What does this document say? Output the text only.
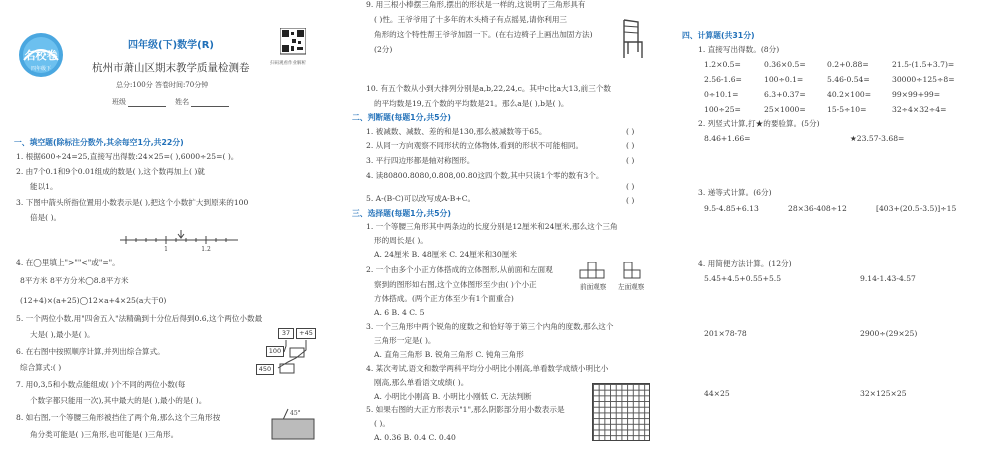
名校卷
四年级下
四年级(下)数学(R)
杭州市萧山区期末教学质量检测卷
总分:100分 答卷时间:70分钟
班级	姓名
扫码观看作业解析
一、填空题(除标注分数外,其余每空1分,共22分)
1. 根据600÷24=25,直接写出得数:24×25=( ),6000÷25=( )。
2. 由7个0.1和9个0.01组成的数是( ),这个数再加上( )就
能以1。
3. 下图中箭头所指位置用小数表示是( ),把这个小数扩大到原来的100
倍是( )。
1	1.2
4. 在◯里填上">""<"或"="。
8平方米 8平方分米◯8.8平方米
(12+4)×(a+25)◯12×a+4×25(a大于0)
5. 一个两位小数,用"四舍五入"法精确到十分位后得到0.6,这个两位小数最
大是( ),最小是( )。
6. 在右图中按照顺序计算,并列出综合算式。
综合算式:( )
37	+45
100
450
7. 用0,3,5和小数点能组成( )个不同的两位小数(每
个数字都只能用一次),其中最大的是( ),最小的是( )。
8. 如右图,一个等腰三角形被挡住了两个角,那么这个三角形按
角分类可能是( )三角形,也可能是( )三角形。
45°
9. 用三根小棒摆三角形,摆出的形状是一样的,这说明了三角形具有
( )性。王爷爷用了十多年的木头椅子有点摇晃,请你利用三
角形的这个特性帮王爷爷加固一下。(在右边椅子上画出加固方法)
(2分)
10. 有五个数从小到大排列分别是a,b,22,24,c。其中c比a大13,前三个数
的平均数是19,五个数的平均数是21。那么a是( ),b是( )。
二、判断题(每题1分,共5分)
1. 被减数、减数、差的和是130,那么被减数等于65。	( )
2. 从同一方向观察不同形状的立体物体,看到的形状不可能相同。	( )
3. 平行四边形都是轴对称图形。	( )
4. 读80800.8080,0.808,00.80这四个数,其中只读1个零的数有3个。
( )
5. A-(B-C)可以改写成A-B+C。	( )
三、选择题(每题1分,共5分)
1. 一个等腰三角形其中两条边的长度分别是12厘米和24厘米,那么这个三角
形的周长是( )。
A. 24厘米 B. 48厘米 C. 24厘米和30厘米
2. 一个由多个小正方体搭成的立体图形,从前面和左面观
察到的图形如右图,这个立体图形至少由( )个小正
方体搭成。(两个正方体至少有1个面重合)
A. 6 B. 4 C. 5
前面观察 左面观察
3. 一个三角形中两个锐角的度数之和恰好等于第三个内角的度数,那么这个
三角形一定是( )。
A. 直角三角形 B. 锐角三角形 C. 钝角三角形
4. 某次考试,语文和数学两科平均分小明比小刚高,单看数学成绩小明比小
刚高,那么单看语文成绩( )。
A. 小明比小刚高 B. 小明比小刚低 C. 无法判断
5. 如果右图的大正方形表示"1",那么阴影部分用小数表示是
( )。
A. 0.36 B. 0.4 C. 0.40
四、计算题(共31分)
1. 直接写出得数。(8分)
1.2×0.5=	0.36×0.5=	0.2+0.88=	21.5-(1.5+3.7)=
2.56-1.6=	100÷0.1=	5.46-0.54=	30000÷125÷8=
0÷10.1=	6.3+0.37=	40.2×100=	99×99+99=
100÷25=	25×1000=	15-5÷10=	32÷4×32÷4=
2. 列竖式计算,打★的要验算。(5分)
8.46+1.66=	★23.57-3.68=
3. 递等式计算。(6分)
9.5-4.85+6.13	28×36-408÷12	[403+(20.5-3.5)]÷15
4. 用简便方法计算。(12分)
5.45+4.5+0.55+5.5	9.14-1.43-4.57
201×78-78	2900÷(29×25)
44×25	32×125×25
